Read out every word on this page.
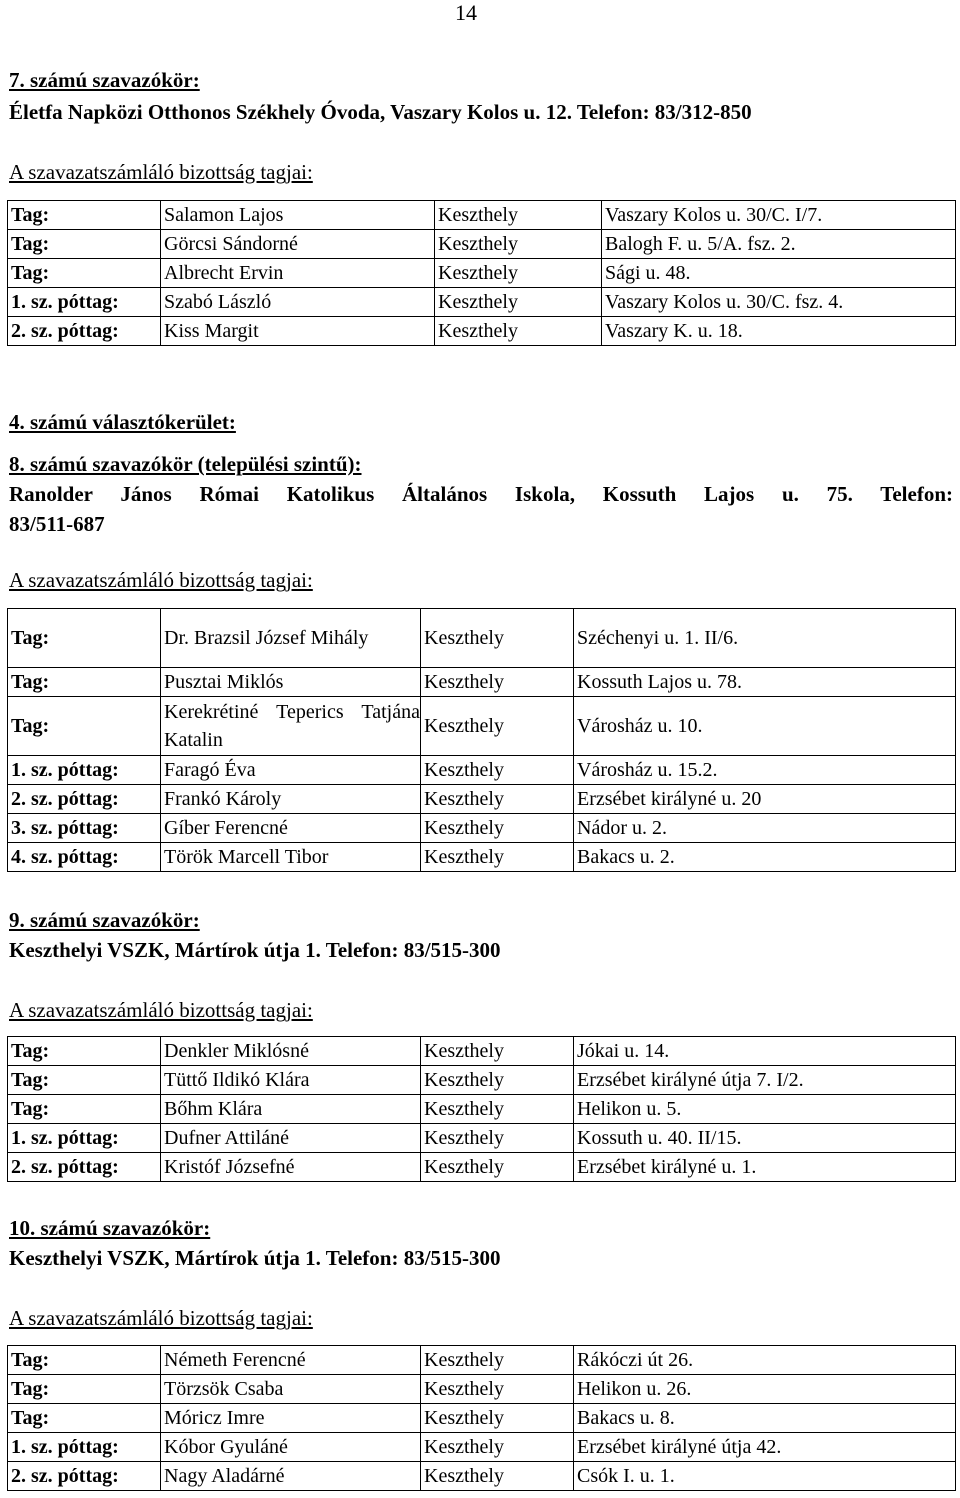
14
7. számú szavazókör:
Életfa Napközi Otthonos Székhely Óvoda, Vaszary Kolos u. 12. Telefon: 83/312-850
A szavazatszámláló bizottság tagjai:
Tag:	Salamon Lajos	Keszthely	Vaszary Kolos u. 30/C. I/7.
Tag:	Görcsi Sándorné	Keszthely	Balogh F. u. 5/A. fsz. 2.
Tag:	Albrecht Ervin	Keszthely	Sági u. 48.
1. sz. póttag:	Szabó László	Keszthely	Vaszary Kolos u. 30/C. fsz. 4.
2. sz. póttag:	Kiss Margit	Keszthely	Vaszary K. u. 18.
4. számú választókerület:
8. számú szavazókör (települési szintű):
Ranolder János Római Katolikus Általános Iskola, Kossuth Lajos u. 75. Telefon:
83/511-687
A szavazatszámláló bizottság tagjai:
Tag:	Dr. Brazsil József Mihály	Keszthely	Széchenyi u. 1. II/6.
Tag:	Pusztai Miklós	Keszthely	Kossuth Lajos u. 78.
Tag:	Kerekrétiné Teperics Tatjána Katalin	Keszthely	Városház u. 10.
1. sz. póttag:	Faragó Éva	Keszthely	Városház u. 15.2.
2. sz. póttag:	Frankó Károly	Keszthely	Erzsébet királyné u. 20
3. sz. póttag:	Gíber Ferencné	Keszthely	Nádor u. 2.
4. sz. póttag:	Török Marcell Tibor	Keszthely	Bakacs u. 2.
9. számú szavazókör:
Keszthelyi VSZK, Mártírok útja 1. Telefon: 83/515-300
A szavazatszámláló bizottság tagjai:
Tag:	Denkler Miklósné	Keszthely	Jókai u. 14.
Tag:	Tüttő Ildikó Klára	Keszthely	Erzsébet királyné útja 7. I/2.
Tag:	Bőhm Klára	Keszthely	Helikon u. 5.
1. sz. póttag:	Dufner Attiláné	Keszthely	Kossuth u. 40. II/15.
2. sz. póttag:	Kristóf Józsefné	Keszthely	Erzsébet királyné u. 1.
10. számú szavazókör:
Keszthelyi VSZK, Mártírok útja 1. Telefon: 83/515-300
A szavazatszámláló bizottság tagjai:
Tag:	Németh Ferencné	Keszthely	Rákóczi út 26.
Tag:	Törzsök Csaba	Keszthely	Helikon u. 26.
Tag:	Móricz Imre	Keszthely	Bakacs u. 8.
1. sz. póttag:	Kóbor Gyuláné	Keszthely	Erzsébet királyné útja 42.
2. sz. póttag:	Nagy Aladárné	Keszthely	Csók I. u. 1.
